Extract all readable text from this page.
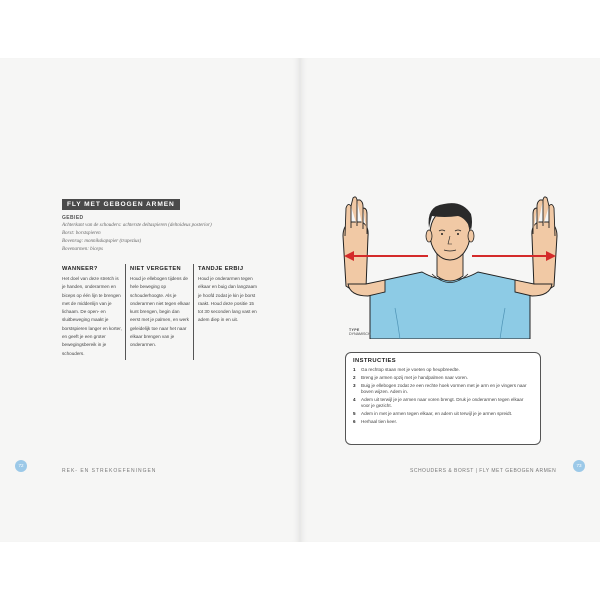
FLY MET GEBOGEN ARMEN
GEBIED
Achterkant van de schouders: achterste deltaspieren (deltoideus posterior)
Borst: borstspieren
Bovenrug: monnikskapspier (trapezius)
Bovenarmen: biceps
WANNEER?
Het doel van deze stretch is je handen, onderarmen en biceps op één lijn te brengen met de middenlijn van je lichaam. De open- en sluitbeweging maakt je borstspieren langer en korter, en geeft je een groter bewegingsbereik in je schouders.
NIET VERGETEN
Houd je ellebogen tijdens de hele beweging op schouderhoogte. Als je onderarmen niet tegen elkaar kunt brengen, begin dan eerst met je palmen, en werk geleidelijk toe naar het naar elkaar brengen van je onderarmen.
TANDJE ERBIJ
Houd je onderarmen tegen elkaar en buig dan langzaam je hoofd zodat je kin je borst raakt. Houd deze positie 15 tot 30 seconden lang vast en adem diep in en uit.
TYPE
DYNAMISCH
INSTRUCTIES
1	Ga rechtop staan met je voeten op heupbreedte.
2	Breng je armen opzij met je handpalmen naar voren.
3	Buig je ellebogen zodat ze een rechte hoek vormen met je arm en je vingers naar boven wijzen. Adem in.
4	Adem uit terwijl je je armen naar voren brengt. Druk je onderarmen tegen elkaar voor je gezicht.
5	Adem in met je armen tegen elkaar, en adem uit terwijl je je armen spreidt.
6	Herhaal tien keer.
72
REK- EN STREKOEFENINGEN	SCHOUDERS & BORST | FLY MET GEBOGEN ARMEN
73
